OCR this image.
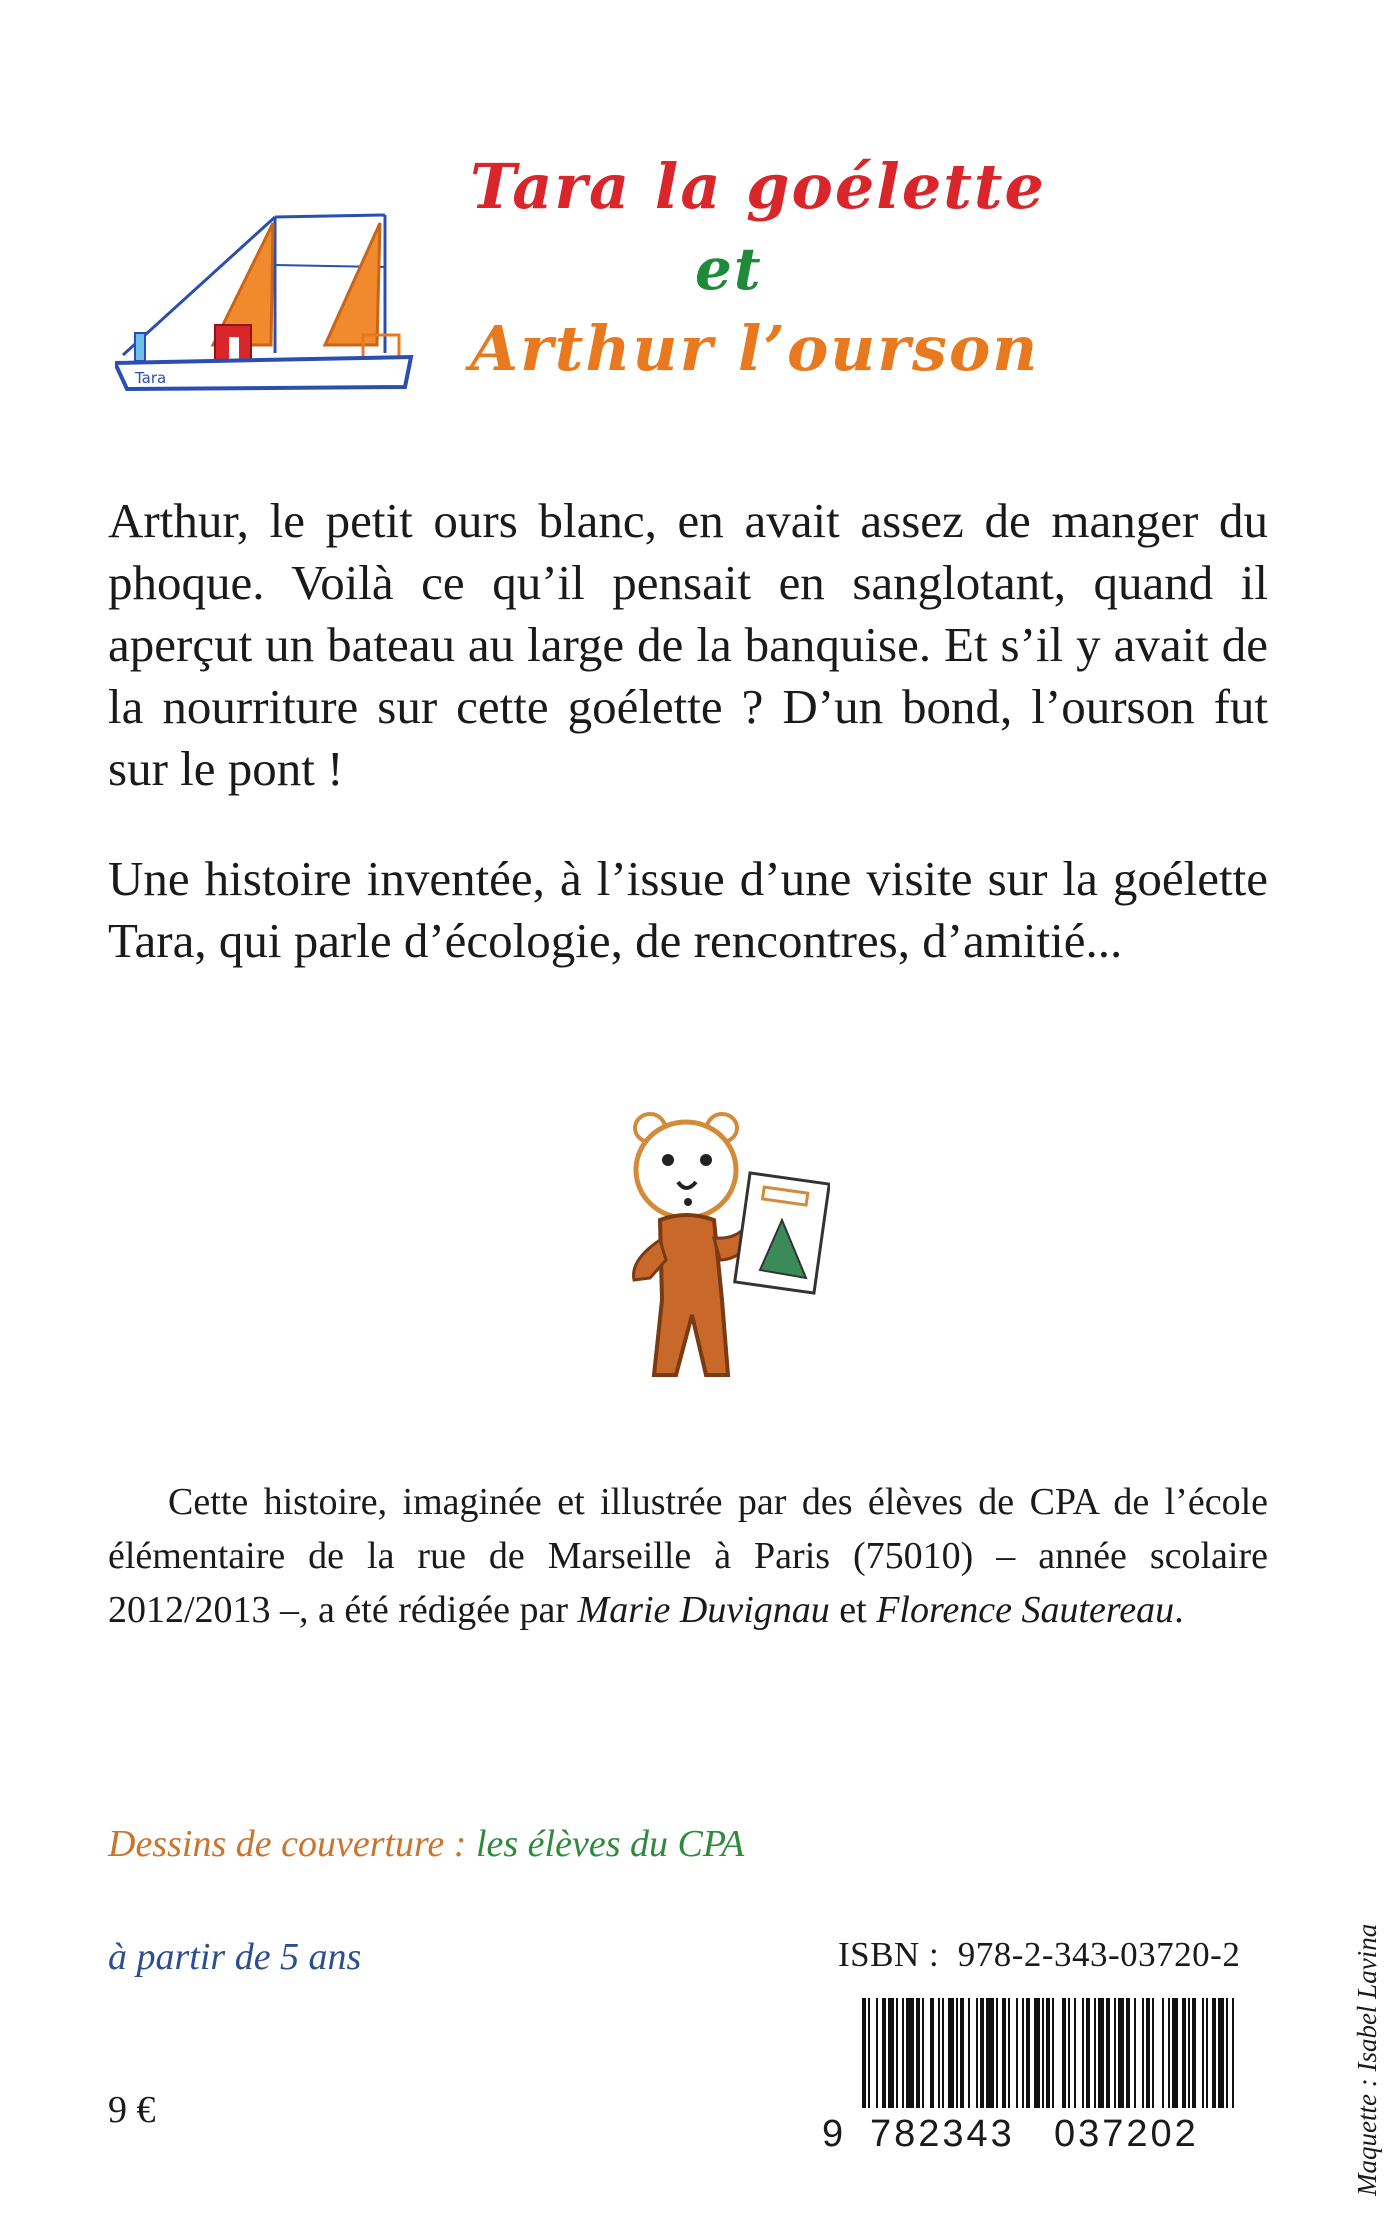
Tara
Tara la goélette
et
Arthur l’ourson

Arthur, le petit ours blanc, en avait assez de manger du phoque. Voilà ce qu’il pensait en sanglotant, quand il aperçut un bateau au large de la banquise. Et s’il y avait de la nourriture sur cette goélette ? D’un bond, l’ourson fut sur le pont !

Une histoire inventée, à l’issue d’une visite sur la goélette Tara, qui parle d’écologie, de rencontres, d’amitié...

Cette histoire, imaginée et illustrée par des élèves de CPA de l’école élémentaire de la rue de Marseille à Paris (75010) – année scolaire 2012/2013 –, a été rédigée par Marie Duvignau et Florence Sautereau.

Dessins de couverture : les élèves du CPA
à partir de 5 ans	ISBN : 978-2-343-03720-2
9 782343 037202
9 €	Maquette : Isabel Lavina
